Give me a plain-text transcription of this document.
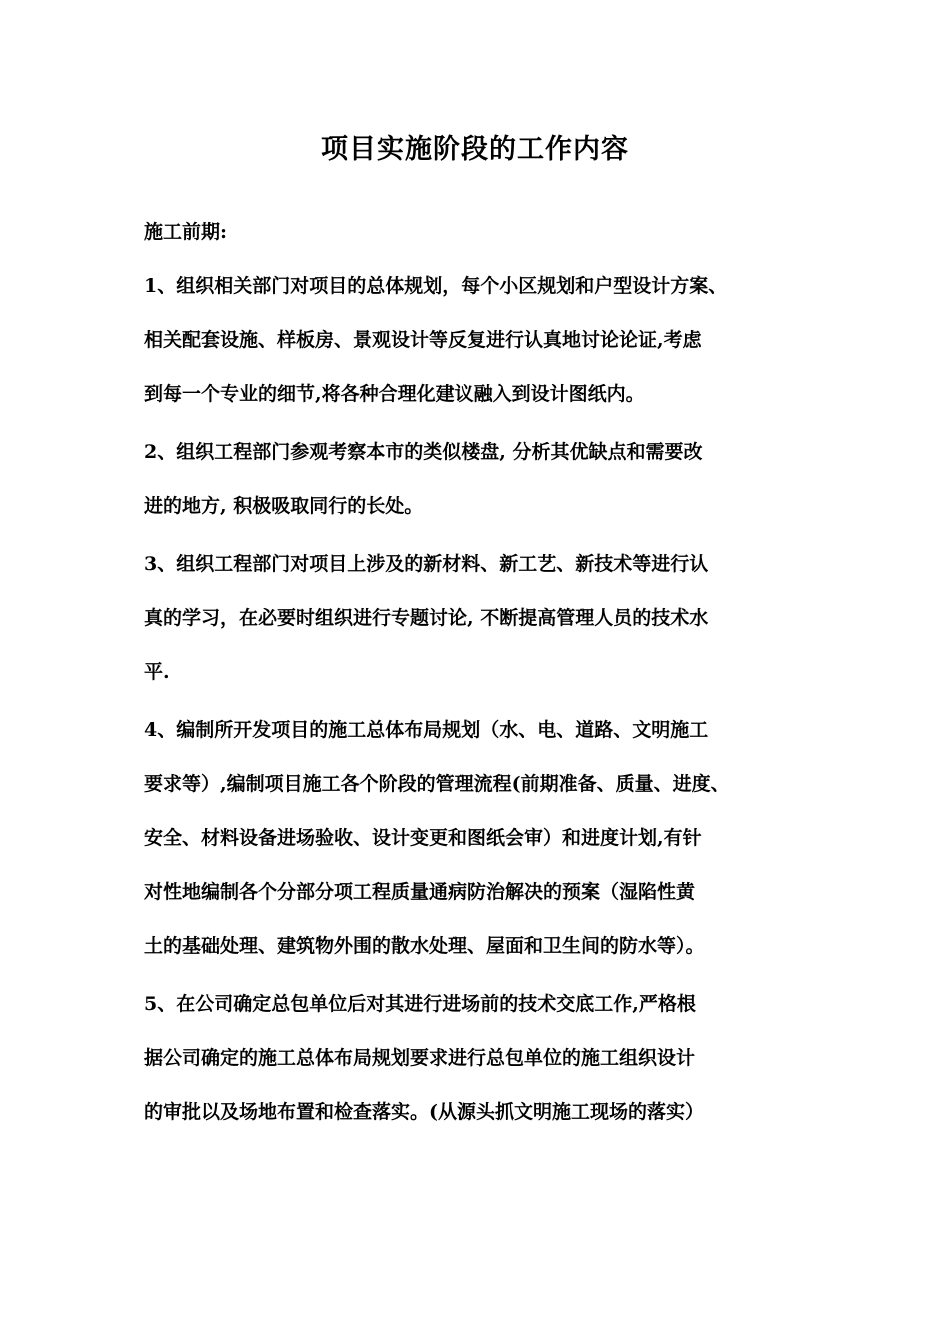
项目实施阶段的工作内容

施工前期:

1、组织相关部门对项目的总体规划，每个小区规划和户型设计方案、
相关配套设施、样板房、景观设计等反复进行认真地讨论论证,考虑
到每一个专业的细节,将各种合理化建议融入到设计图纸内。
2、组织工程部门参观考察本市的类似楼盘, 分析其优缺点和需要改
进的地方, 积极吸取同行的长处。
3、组织工程部门对项目上涉及的新材料、新工艺、新技术等进行认
真的学习，在必要时组织进行专题讨论, 不断提高管理人员的技术水
平.
4、编制所开发项目的施工总体布局规划（水、电、道路、文明施工
要求等）,编制项目施工各个阶段的管理流程(前期准备、质量、进度、
安全、材料设备进场验收、设计变更和图纸会审）和进度计划,有针
对性地编制各个分部分项工程质量通病防治解决的预案（湿陷性黄
土的基础处理、建筑物外围的散水处理、屋面和卫生间的防水等）。
5、在公司确定总包单位后对其进行进场前的技术交底工作,严格根
据公司确定的施工总体布局规划要求进行总包单位的施工组织设计
的审批以及场地布置和检查落实。(从源头抓文明施工现场的落实）
